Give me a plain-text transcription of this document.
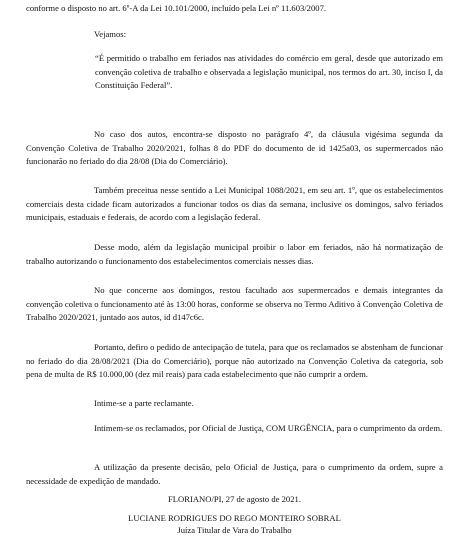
conforme o disposto no art. 6º-A da Lei 10.101/2000, incluído pela Lei nº 11.603/2007.

Vejamos:

“É permitido o trabalho em feriados nas atividades do comércio em geral, desde que autorizado em convenção coletiva de trabalho e observada a legislação municipal, nos termos do art. 30, inciso I, da Constituição Federal”.

No caso dos autos, encontra-se disposto no parágrafo 4º, da cláusula vigésima segunda da Convenção Coletiva de Trabalho 2020/2021, folhas 8 do PDF do documento de id 1425a03, os supermercados não funcionarão no feriado do dia 28/08 (Dia do Comerciário).

Também preceitua nesse sentido a Lei Municipal 1088/2021, em seu art. 1º, que os estabelecimentos comerciais desta cidade ficam autorizados a funcionar todos os dias da semana, inclusive os domingos, salvo feriados municipais, estaduais e federais, de acordo com a legislação federal.

Desse modo, além da legislação municipal proibir o labor em feriados, não há normatização de trabalho autorizando o funcionamento dos estabelecimentos comerciais nesses dias.

No que concerne aos domingos, restou facultado aos supermercados e demais integrantes da convenção coletiva o funcionamento até às 13:00 horas, conforme se observa no Termo Aditivo à Convenção Coletiva de Trabalho 2020/2021, juntado aos autos, id d147c6c.

Portanto, defiro o pedido de antecipação de tutela, para que os reclamados se abstenham de funcionar no feriado do dia 28/08/2021 (Dia do Comerciário), porque não autorizado na Convenção Coletiva da categoria, sob pena de multa de R$ 10.000,00 (dez mil reais) para cada estabelecimento que não cumprir a ordem.

Intime-se a parte reclamante.

Intimem-se os reclamados, por Oficial de Justiça, COM URGÊNCIA, para o cumprimento da ordem.

A utilização da presente decisão, pelo Oficial de Justiça, para o cumprimento da ordem, supre a necessidade de expedição de mandado.

FLORIANO/PI, 27 de agosto de 2021.

LUCIANE RODRIGUES DO REGO MONTEIRO SOBRAL

Juíza Titular de Vara do Trabalho
